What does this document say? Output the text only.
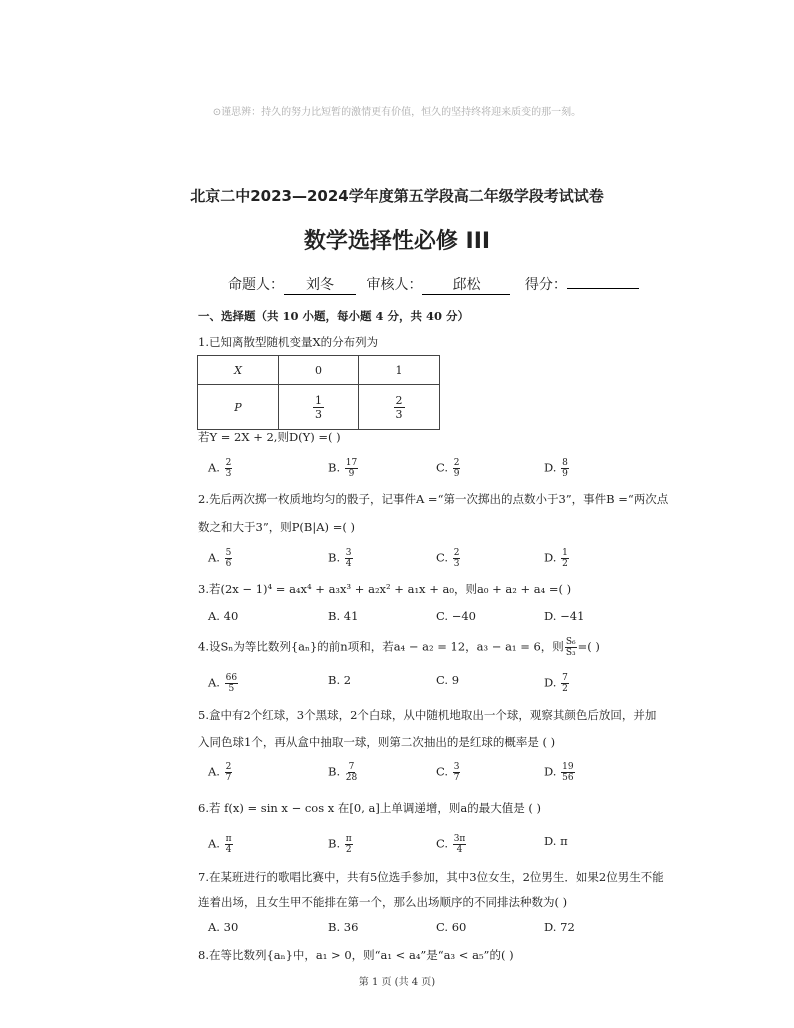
⊙谨思辨：持久的努力比短暂的激情更有价值，恒久的坚持终将迎来质变的那一刻。
北京二中2023—2024学年度第五学段高二年级学段考试试卷
数学选择性必修 III
命题人： 刘冬 审核人： 邱松	得分：
一、选择题（共 10 小题，每小题 4 分，共 40 分）
1.已知离散型随机变量X的分布列为
X	0	1
P	$\frac{1}{3}$	$\frac{2}{3}$
若Y = 2X + 2,则D(Y) =( )
A. $\frac{2}{3}$	B. $\frac{17}{9}$	C. $\frac{2}{9}$	D. $\frac{8}{9}$
2.先后两次掷一枚质地均匀的骰子，记事件A =“第一次掷出的点数小于3”，事件B =“两次点
数之和大于3”，则P(B|A) =( )
A. $\frac{5}{6}$	B. $\frac{3}{4}$	C. $\frac{2}{3}$	D. $\frac{1}{2}$
3.若(2x − 1)⁴ = a₄x⁴ + a₃x³ + a₂x² + a₁x + a₀，则a₀ + a₂ + a₄ =( )
A. 40	B. 41	C. −40	D. −41
4.设Sₙ为等比数列{aₙ}的前n项和，若a₄ − a₂ = 12，a₃ − a₁ = 6，则 $\frac{\text{S₆}}{\text{S₃}}$ =( )
A. $\frac{66}{5}$	B. 2	C. 9	D. $\frac{7}{2}$
5.盒中有2个红球，3个黑球，2个白球，从中随机地取出一个球，观察其颜色后放回，并加
入同色球1个，再从盒中抽取一球，则第二次抽出的是红球的概率是 ( )
A. $\frac{2}{7}$	B. $\frac{7}{28}$	C. $\frac{3}{7}$	D. $\frac{19}{56}$
6.若 f(x) = sin x − cos x 在[0, a]上单调递增，则a的最大值是 ( )
A. $\frac{\pi}{4}$	B. $\frac{\pi}{2}$	C. $\frac{3\pi}{4}$	D. π
7.在某班进行的歌唱比赛中，共有5位选手参加，其中3位女生，2位男生．如果2位男生不能
连着出场，且女生甲不能排在第一个，那么出场顺序的不同排法种数为( )
A. 30	B. 36	C. 60	D. 72
8.在等比数列{aₙ}中，a₁ > 0，则“a₁ < a₄”是“a₃ < a₅”的( )
第 1 页 (共 4 页)
